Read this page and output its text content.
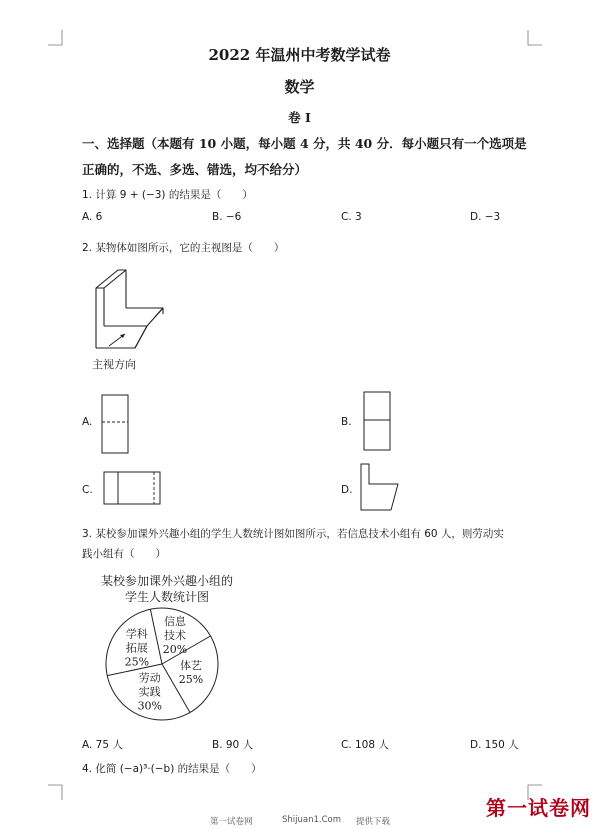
2022 年温州中考数学试卷
数学
卷 I
一、选择题（本题有 10 小题，每小题 4 分，共 40 分．每小题只有一个选项是
正确的，不选、多选、错选，均不给分）
1. 计算 9 + (−3) 的结果是（　　）
A. 6	B. −6	C. 3	D. −3
2. 某物体如图所示，它的主视图是（　　）
主视方向
A.	B.
C.	D.
3. 某校参加课外兴趣小组的学生人数统计图如图所示，若信息技术小组有 60 人，则劳动实
践小组有（　　）
某校参加课外兴趣小组的
学生人数统计图
信息
技术
20%
体艺
25%
劳动
实践
30%
学科
拓展
25%
A. 75 人	B. 90 人	C. 108 人	D. 150 人
4. 化简 (−a)³·(−b) 的结果是（　　）
第一试卷网	Shijuan1.Com 提供下载
第一试卷网
